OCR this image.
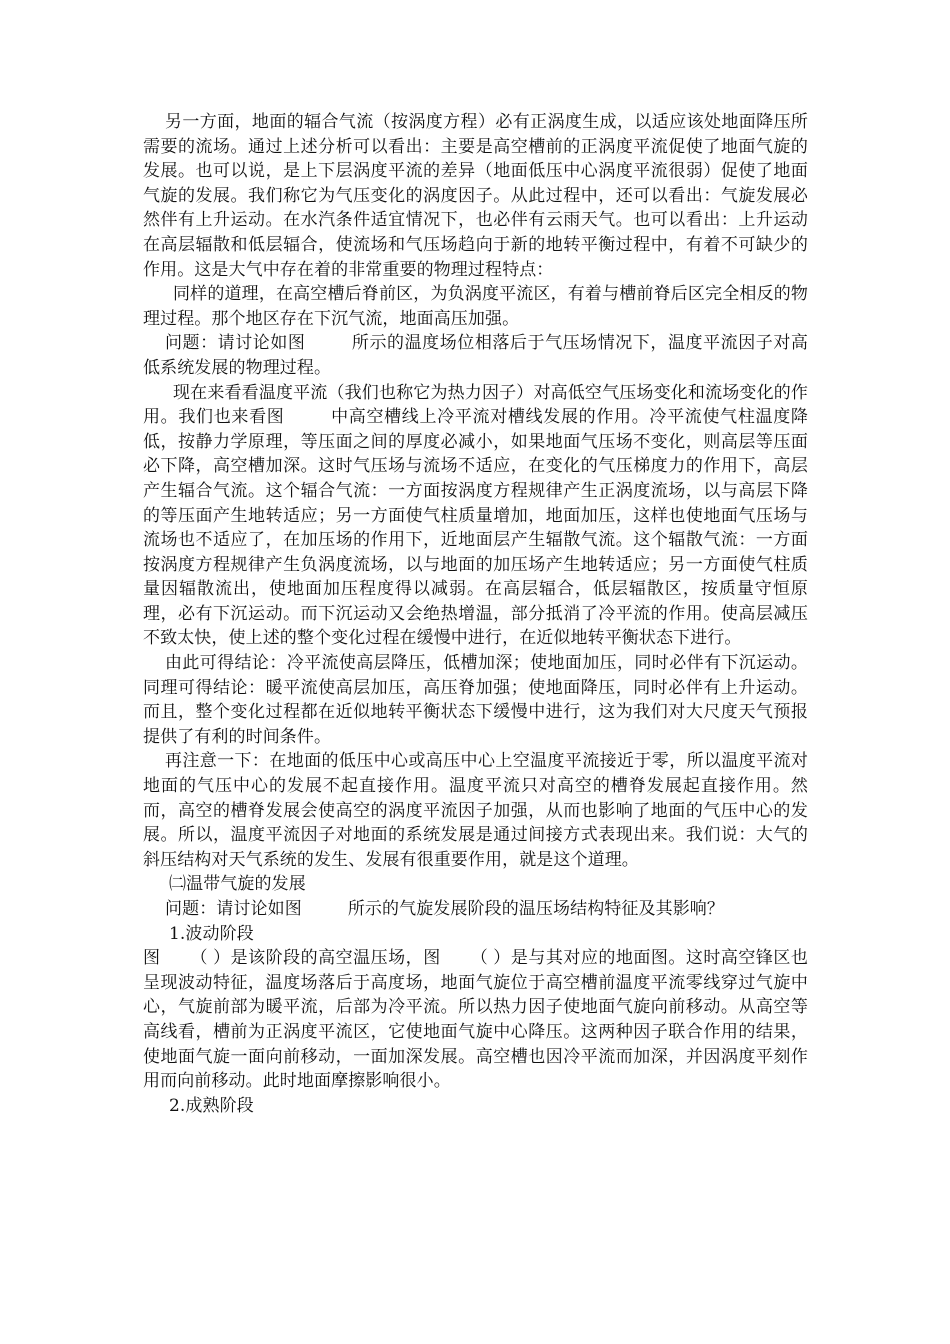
另一方面，地面的辐合气流（按涡度方程）必有正涡度生成，以适应该处地面降压所需要的流场。通过上述分析可以看出：主要是高空槽前的正涡度平流促使了地面气旋的发展。也可以说，是上下层涡度平流的差异（地面低压中心涡度平流很弱）促使了地面气旋的发展。我们称它为气压变化的涡度因子。从此过程中，还可以看出：气旋发展必然伴有上升运动。在水汽条件适宜情况下，也必伴有云雨天气。也可以看出：上升运动在高层辐散和低层辐合，使流场和气压场趋向于新的地转平衡过程中，有着不可缺少的作用。这是大气中存在着的非常重要的物理过程特点：

同样的道理，在高空槽后脊前区，为负涡度平流区，有着与槽前脊后区完全相反的物理过程。那个地区存在下沉气流，地面高压加强。

问题：请讨论如图	所示的温度场位相落后于气压场情况下，温度平流因子对高低系统发展的物理过程。

现在来看看温度平流（我们也称它为热力因子）对高低空气压场变化和流场变化的作用。我们也来看图	中高空槽线上冷平流对槽线发展的作用。冷平流使气柱温度降低，按静力学原理，等压面之间的厚度必减小，如果地面气压场不变化，则高层等压面必下降，高空槽加深。这时气压场与流场不适应，在变化的气压梯度力的作用下，高层产生辐合气流。这个辐合气流：一方面按涡度方程规律产生正涡度流场，以与高层下降的等压面产生地转适应；另一方面使气柱质量增加，地面加压，这样也使地面气压场与流场也不适应了，在加压场的作用下，近地面层产生辐散气流。这个辐散气流：一方面按涡度方程规律产生负涡度流场，以与地面的加压场产生地转适应；另一方面使气柱质量因辐散流出，使地面加压程度得以减弱。在高层辐合，低层辐散区，按质量守恒原理，必有下沉运动。而下沉运动又会绝热增温，部分抵消了冷平流的作用。使高层减压不致太快，使上述的整个变化过程在缓慢中进行，在近似地转平衡状态下进行。

由此可得结论：冷平流使高层降压，低槽加深；使地面加压，同时必伴有下沉运动。同理可得结论：暖平流使高层加压，高压脊加强；使地面降压，同时必伴有上升运动。而且，整个变化过程都在近似地转平衡状态下缓慢中进行，这为我们对大尺度天气预报提供了有利的时间条件。

再注意一下：在地面的低压中心或高压中心上空温度平流接近于零，所以温度平流对地面的气压中心的发展不起直接作用。温度平流只对高空的槽脊发展起直接作用。然而，高空的槽脊发展会使高空的涡度平流因子加强，从而也影响了地面的气压中心的发展。所以，温度平流因子对地面的系统发展是通过间接方式表现出来。我们说：大气的斜压结构对天气系统的发生、发展有很重要作用，就是这个道理。

㈡温带气旋的发展

问题：请讨论如图	所示的气旋发展阶段的温压场结构特征及其影响？

1.波动阶段

图 （ ）是该阶段的高空温压场，图 （ ）是与其对应的地面图。这时高空锋区也呈现波动特征，温度场落后于高度场，地面气旋位于高空槽前温度平流零线穿过气旋中心，气旋前部为暖平流，后部为冷平流。所以热力因子使地面气旋向前移动。从高空等高线看，槽前为正涡度平流区，它使地面气旋中心降压。这两种因子联合作用的结果，使地面气旋一面向前移动，一面加深发展。高空槽也因冷平流而加深，并因涡度平刻作用而向前移动。此时地面摩擦影响很小。

2.成熟阶段
